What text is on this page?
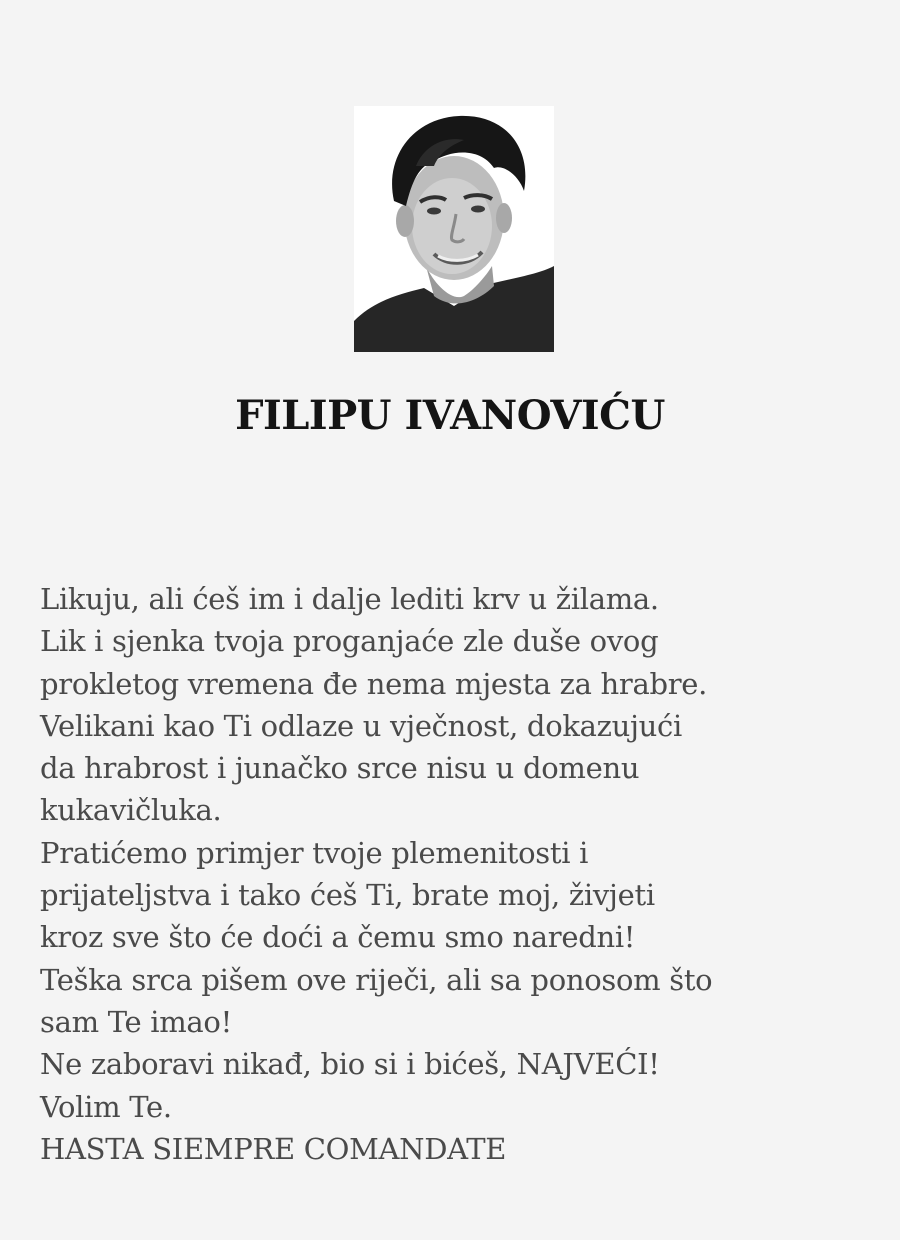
FILIPU IVANOVIĆU
Likuju, ali ćeš im i dalje lediti krv u žilama.
Lik i sjenka tvoja proganjaće zle duše ovog
prokletog vremena đe nema mjesta za hrabre.
Velikani kao Ti odlaze u vječnost, dokazujući
da hrabrost i junačko srce nisu u domenu
kukavičluka.
Pratićemo primjer tvoje plemenitosti i
prijateljstva i tako ćeš Ti, brate moj, živjeti
kroz sve što će doći a čemu smo naredni!
Teška srca pišem ove riječi, ali sa ponosom što
sam Te imao!
Ne zaboravi nikađ, bio si i bićeš, NAJVEĆI!
Volim Te.
HASTA SIEMPRE COMANDATE
